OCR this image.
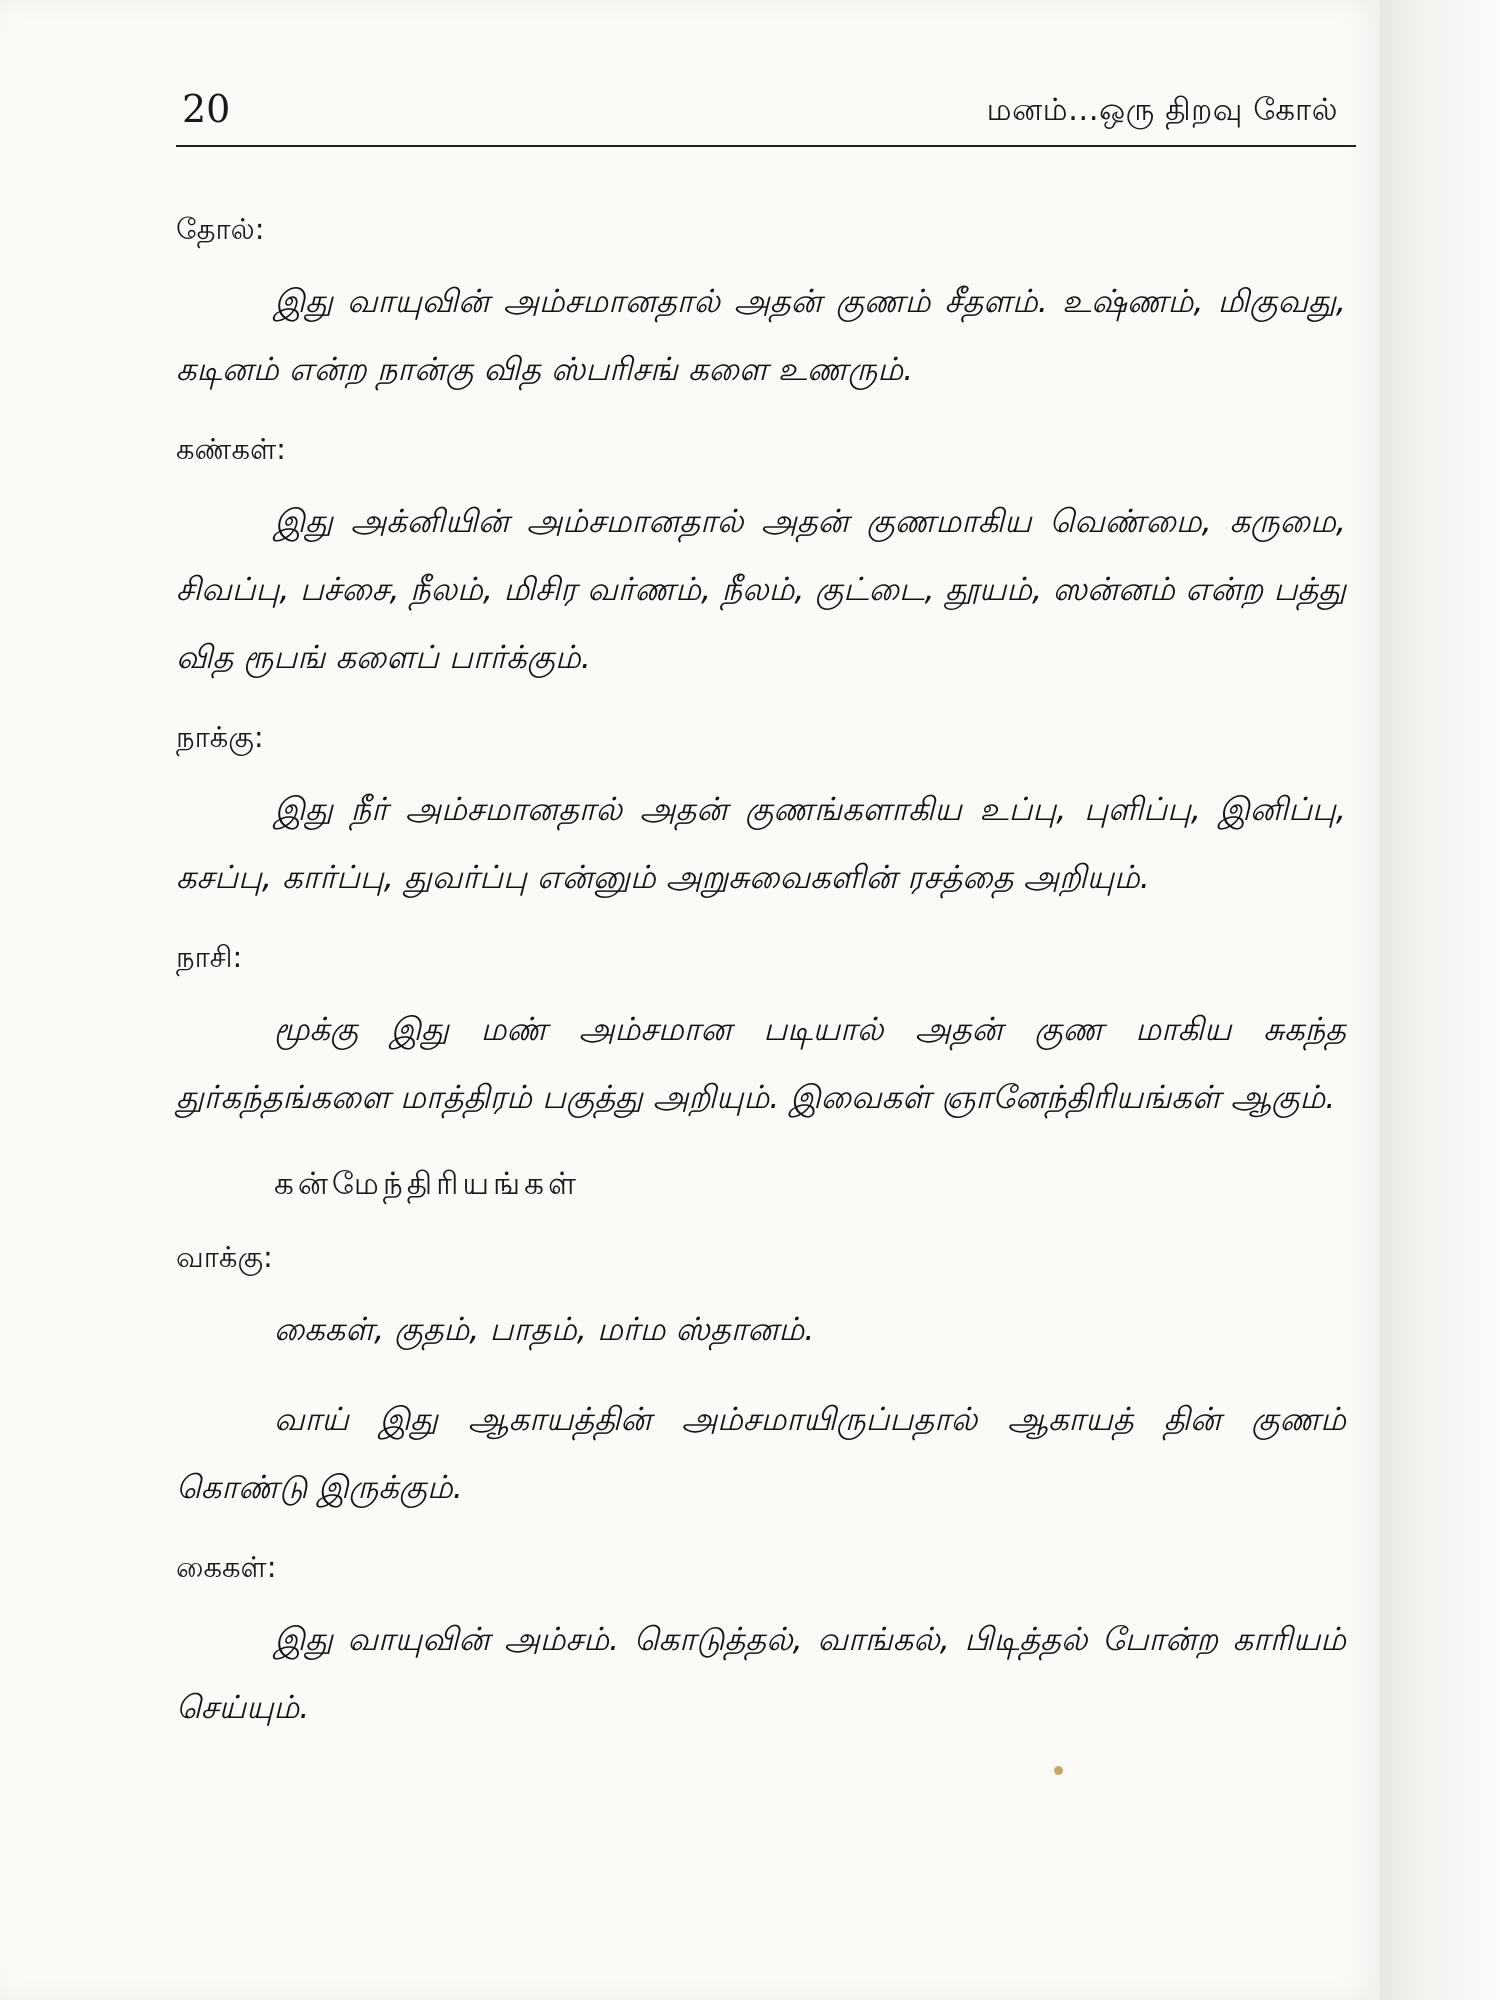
20	மனம்...ஒரு திறவு கோல்
தோல்:

இது வாயுவின் அம்சமானதால் அதன் குணம் சீதளம். உஷ்ணம், மிகுவது, கடினம் என்ற நான்கு வித ஸ்பரிசங் களை உணரும்.

கண்கள்:

இது அக்னியின் அம்சமானதால் அதன் குணமாகிய வெண்மை, கருமை, சிவப்பு, பச்சை, நீலம், மிசிர வர்ணம், நீலம், குட்டை, தூயம், ஸன்னம் என்ற பத்து வித ரூபங் களைப் பார்க்கும்.

நாக்கு:

இது நீர் அம்சமானதால் அதன் குணங்களாகிய உப்பு, புளிப்பு, இனிப்பு, கசப்பு, கார்ப்பு, துவர்ப்பு என்னும் அறுசுவைகளின் ரசத்தை அறியும்.

நாசி:

மூக்கு இது மண் அம்சமான படியால் அதன் குண மாகிய சுகந்த துர்கந்தங்களை மாத்திரம் பகுத்து அறியும். இவைகள் ஞானேந்திரியங்கள் ஆகும்.

கன்மேந்திரியங்கள்
வாக்கு:

கைகள், குதம், பாதம், மர்ம ஸ்தானம்.

வாய் இது ஆகாயத்தின் அம்சமாயிருப்பதால் ஆகாயத் தின் குணம் கொண்டு இருக்கும்.

கைகள்:

இது வாயுவின் அம்சம். கொடுத்தல், வாங்கல், பிடித்தல் போன்ற காரியம் செய்யும்.
